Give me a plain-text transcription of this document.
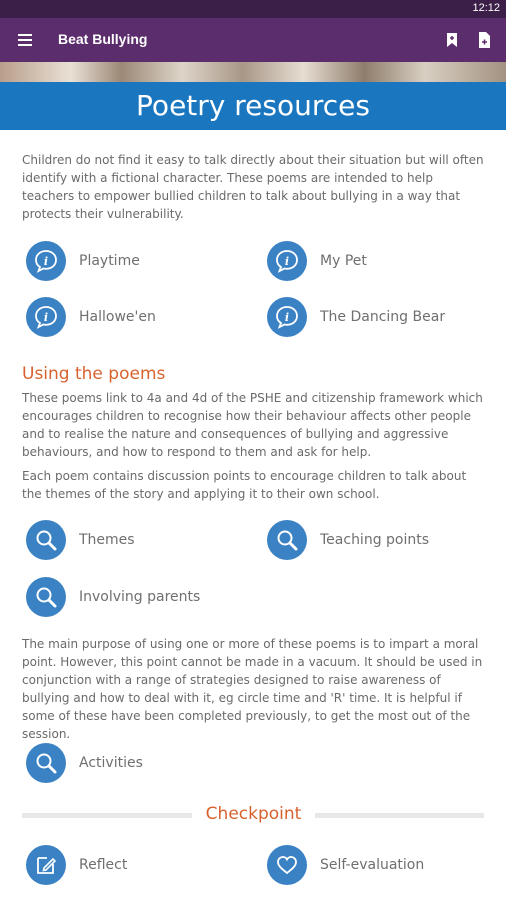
12:12
Beat Bullying
Poetry resources

Children do not find it easy to talk directly about their situation but will often identify with a fictional character. These poems are intended to help teachers to empower bullied children to talk about bullying in a way that protects their vulnerability.

i Playtime	i My Pet
i Hallowe'en	i The Dancing Bear
Using the poems

These poems link to 4a and 4d of the PSHE and citizenship framework which encourages children to recognise how their behaviour affects other people and to realise the nature and consequences of bullying and aggressive behaviours, and how to respond to them and ask for help.

Each poem contains discussion points to encourage children to talk about the themes of the story and applying it to their own school.

Themes	Teaching points
Involving parents

The main purpose of using one or more of these poems is to impart a moral point. However, this point cannot be made in a vacuum. It should be used in conjunction with a range of strategies designed to raise awareness of bullying and how to deal with it, eg circle time and 'R' time. It is helpful if some of these have been completed previously, to get the most out of the session.

Activities
Checkpoint
Reflect	Self-evaluation
